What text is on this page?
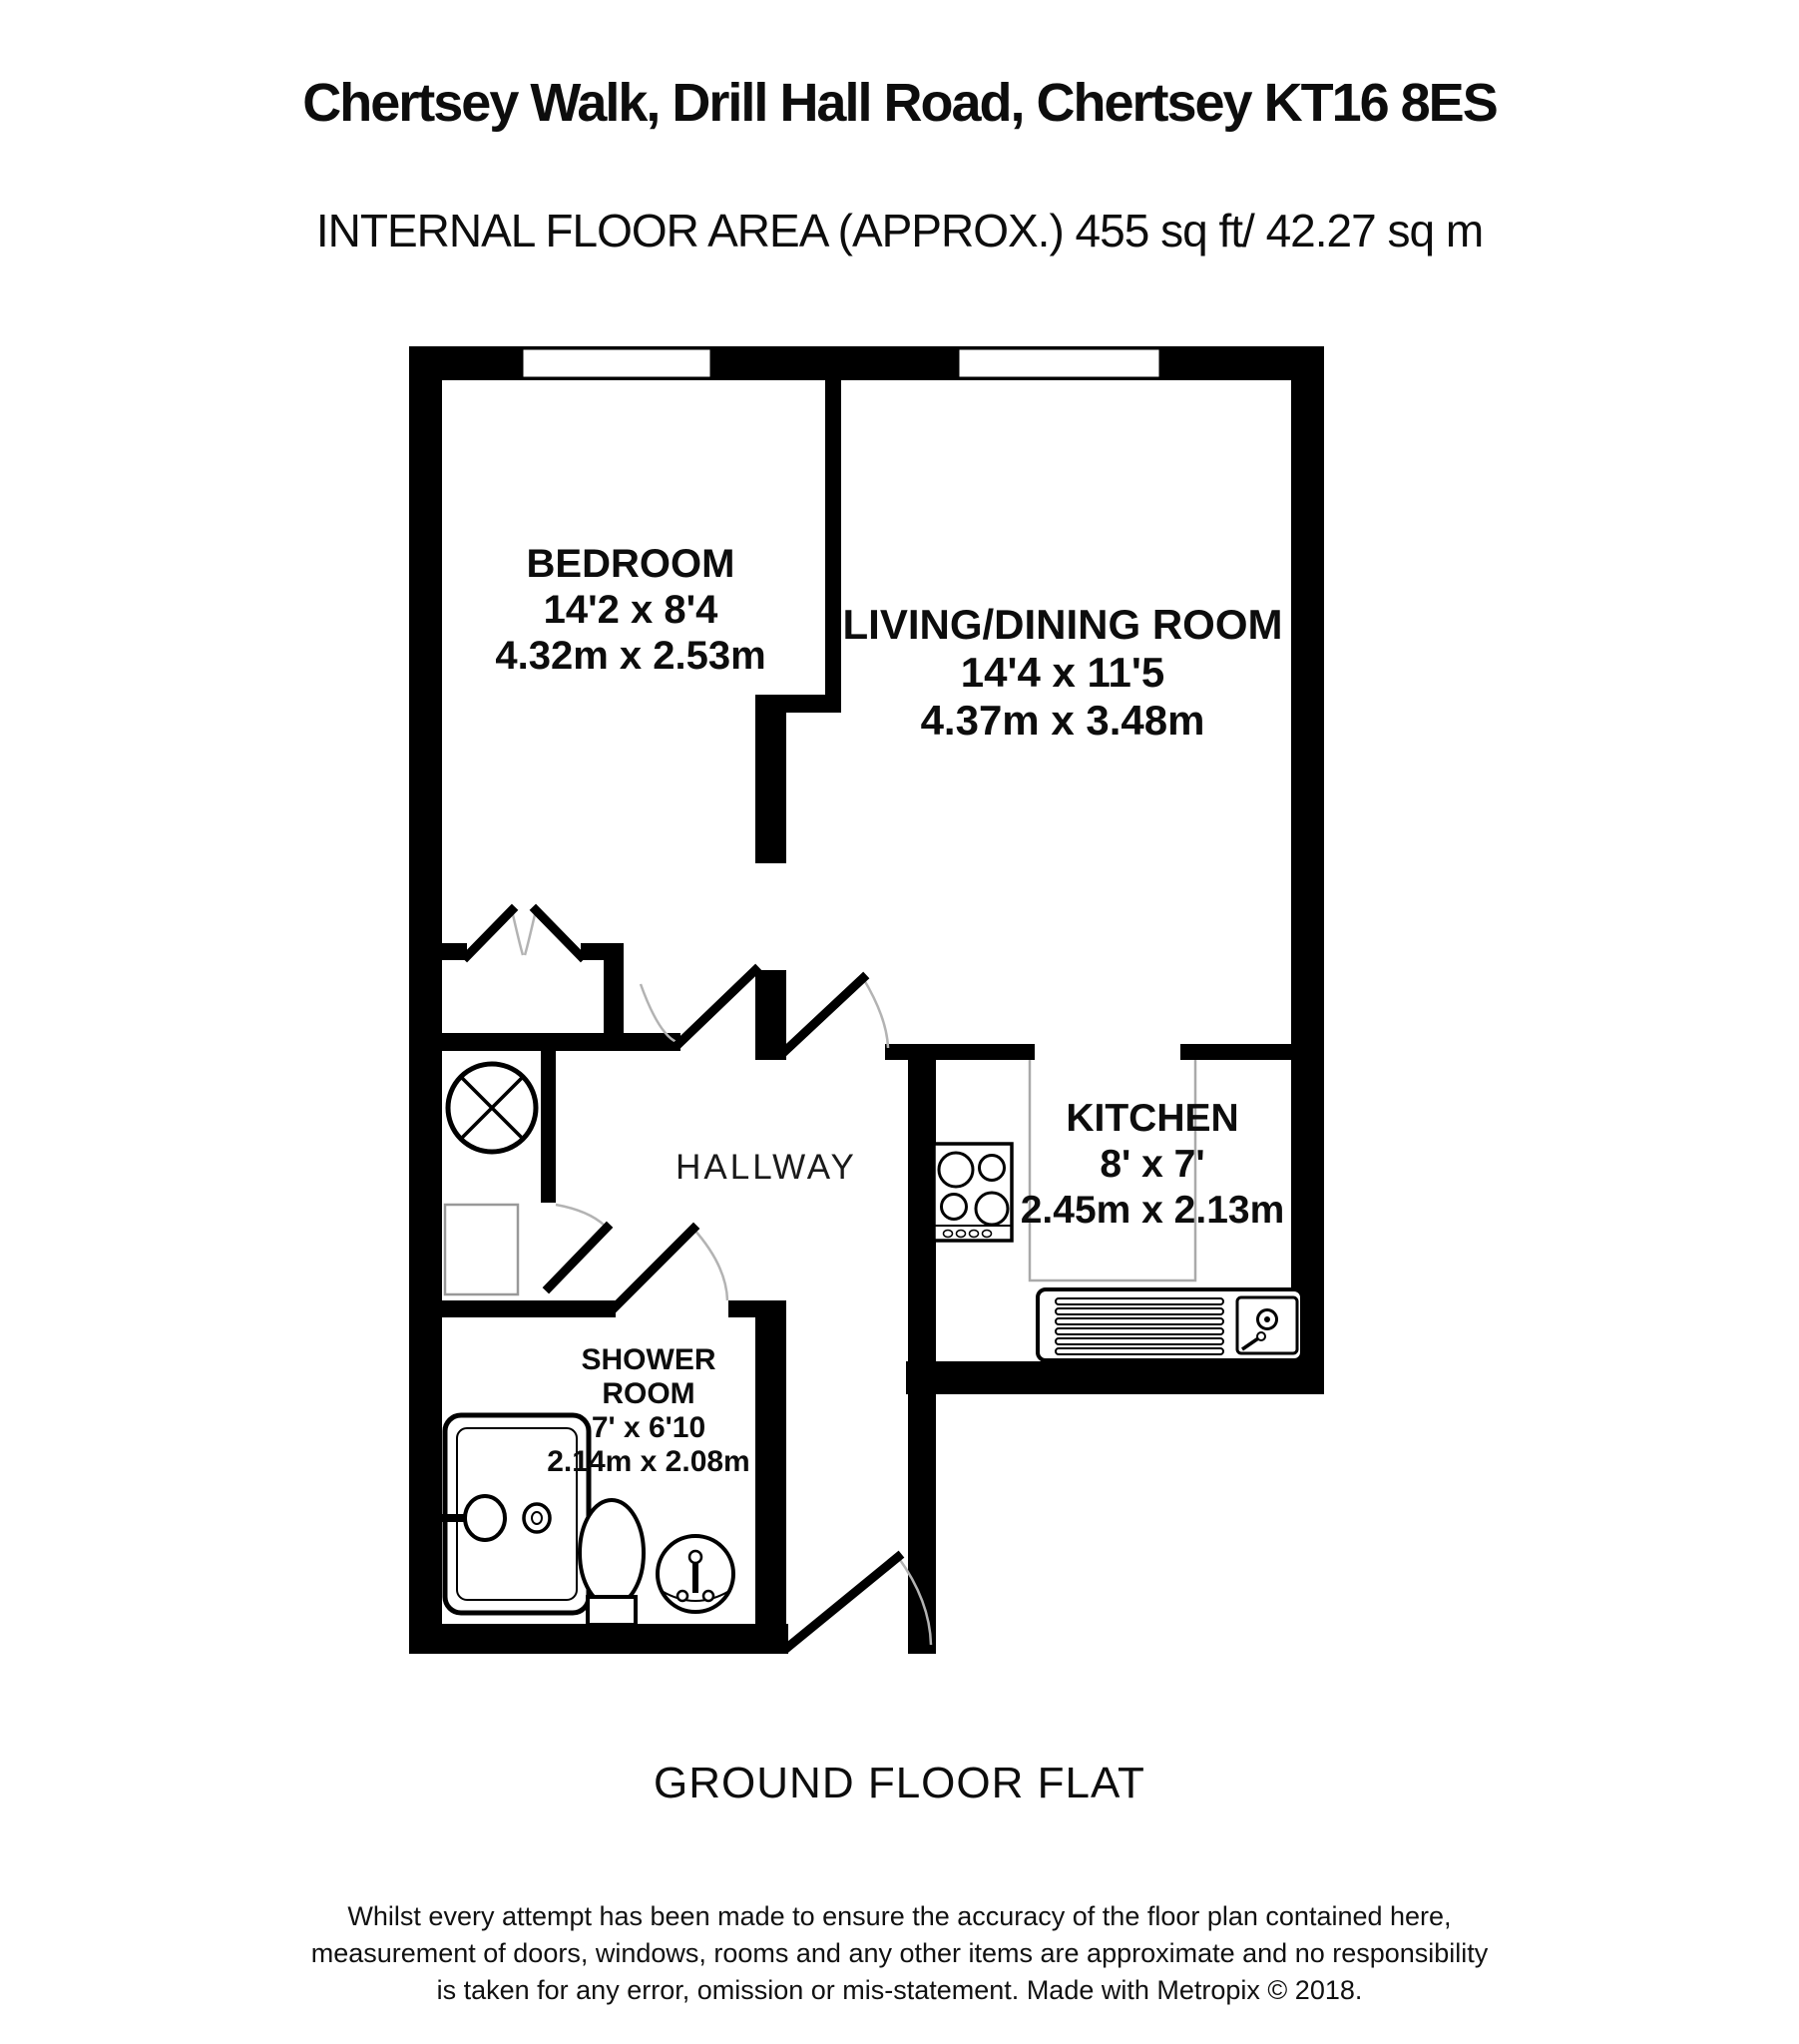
Chertsey Walk, Drill Hall Road, Chertsey KT16 8ES
INTERNAL FLOOR AREA (APPROX.) 455 sq ft/ 42.27 sq m
BEDROOM
14'2 x 8'4
4.32m x 2.53m
LIVING/DINING ROOM
14'4 x 11'5
4.37m x 3.48m
KITCHEN
8' x 7'
2.45m x 2.13m
HALLWAY
SHOWER
ROOM
7' x 6'10
2.14m x 2.08m
GROUND FLOOR FLAT
Whilst every attempt has been made to ensure the accuracy of the floor plan contained here,
measurement of doors, windows, rooms and any other items are approximate and no responsibility
is taken for any error, omission or mis-statement. Made with Metropix © 2018.
